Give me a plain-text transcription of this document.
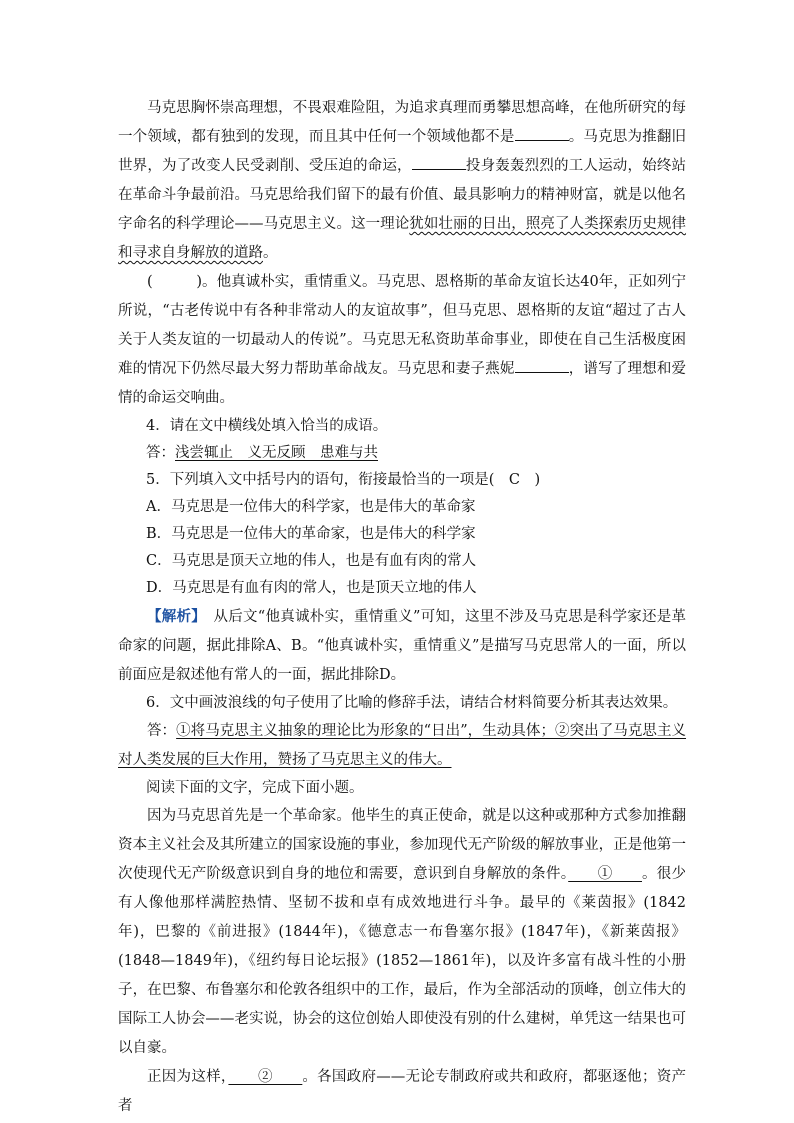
马克思胸怀崇高理想，不畏艰难险阻，为追求真理而勇攀思想高峰，在他所研究的每一个领域，都有独到的发现，而且其中任何一个领域他都不是	。马克思为推翻旧世界，为了改变人民受剥削、受压迫的命运，	投身轰轰烈烈的工人运动，始终站在革命斗争最前沿。马克思给我们留下的最有价值、最具影响力的精神财富，就是以他名字命名的科学理论——马克思主义。这一理论犹如壮丽的日出，照亮了人类探索历史规律和寻求自身解放的道路。

(　　　)。他真诚朴实，重情重义。马克思、恩格斯的革命友谊长达40年，正如列宁所说，“古老传说中有各种非常动人的友谊故事”，但马克思、恩格斯的友谊“超过了古人关于人类友谊的一切最动人的传说”。马克思无私资助革命事业，即使在自己生活极度困难的情况下仍然尽最大努力帮助革命战友。马克思和妻子燕妮	，谱写了理想和爱情的命运交响曲。

4．请在文中横线处填入恰当的成语。

答：浅尝辄止　义无反顾　患难与共

5．下列填入文中括号内的语句，衔接最恰当的一项是(　C　)

A．马克思是一位伟大的科学家，也是伟大的革命家

B．马克思是一位伟大的革命家，也是伟大的科学家

C．马克思是顶天立地的伟人，也是有血有肉的常人

D．马克思是有血有肉的常人，也是顶天立地的伟人

【解析】　从后文“他真诚朴实，重情重义”可知，这里不涉及马克思是科学家还是革命家的问题，据此排除A、B。“他真诚朴实，重情重义”是描写马克思常人的一面，所以前面应是叙述他有常人的一面，据此排除D。

6．文中画波浪线的句子使用了比喻的修辞手法，请结合材料简要分析其表达效果。

答：①将马克思主义抽象的理论比为形象的“日出”，生动具体；②突出了马克思主义对人类发展的巨大作用，赞扬了马克思主义的伟大。

阅读下面的文字，完成下面小题。

因为马克思首先是一个革命家。他毕生的真正使命，就是以这种或那种方式参加推翻资本主义社会及其所建立的国家设施的事业，参加现代无产阶级的解放事业，正是他第一次使现代无产阶级意识到自身的地位和需要，意识到自身解放的条件。　　①　　。很少有人像他那样满腔热情、坚韧不拔和卓有成效地进行斗争。最早的《莱茵报》(1842年)，巴黎的《前进报》(1844年)，《德意志一布鲁塞尔报》(1847年)，《新莱茵报》(1848—1849年)，《纽约每日论坛报》(1852—1861年)，以及许多富有战斗性的小册子，在巴黎、布鲁塞尔和伦敦各组织中的工作，最后，作为全部活动的顶峰，创立伟大的国际工人协会——老实说，协会的这位创始人即使没有别的什么建树，单凭这一结果也可以自豪。

正因为这样，　　②　　。各国政府——无论专制政府或共和政府，都驱逐他；资产者
